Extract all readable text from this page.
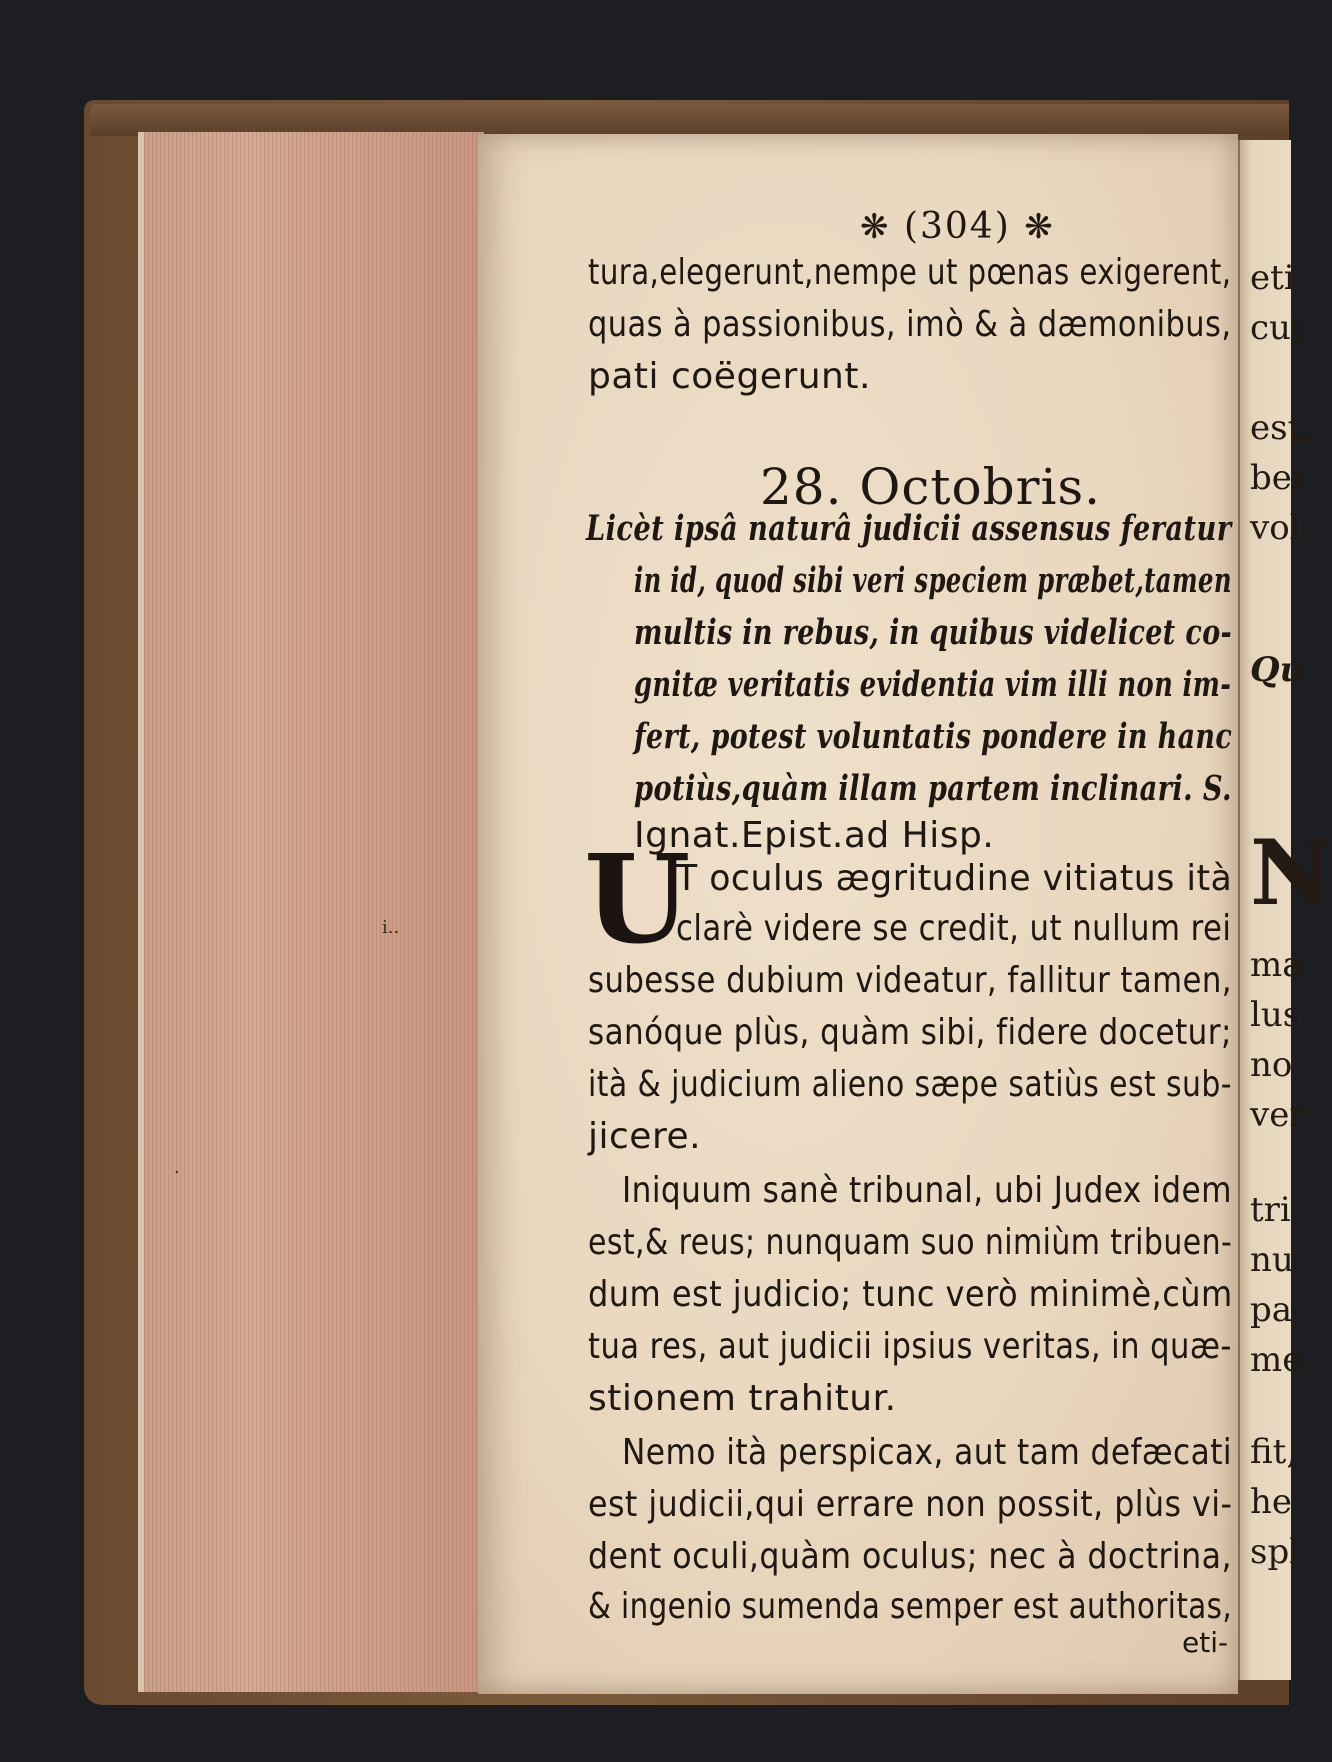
i..
.
eti
cut
est,
ber
vol
Qu
N
ma
lus
no
ver
tri
nu
pa
me
fit,
he
spl
❋ (304) ❋
tura,elegerunt,nempe ut pœnas exigerent,
quas à passionibus, imò & à dæmonibus,
pati coëgerunt.
28. Octobris.
Licèt ipsâ naturâ judicii assensus feratur
in id, quod sibi veri speciem præbet,tamen
multis in rebus, in quibus videlicet co-
gnitæ veritatis evidentia vim illi non im-
fert, potest voluntatis pondere in hanc
potiùs,quàm illam partem inclinari. S.
Ignat.Epist.ad Hisp.
U
T oculus ægritudine vitiatus ità
clarè videre se credit, ut nullum rei
subesse dubium videatur, fallitur tamen,
sanóque plùs, quàm sibi, fidere docetur;
ità & judicium alieno sæpe satiùs est sub-
jicere.
Iniquum sanè tribunal, ubi Judex idem
est,& reus; nunquam suo nimiùm tribuen-
dum est judicio; tunc verò minimè,cùm
tua res, aut judicii ipsius veritas, in quæ-
stionem trahitur.
Nemo ità perspicax, aut tam defæcati
est judicii,qui errare non possit, plùs vi-
dent oculi,quàm oculus; nec à doctrina,
& ingenio sumenda semper est authoritas,
eti-
